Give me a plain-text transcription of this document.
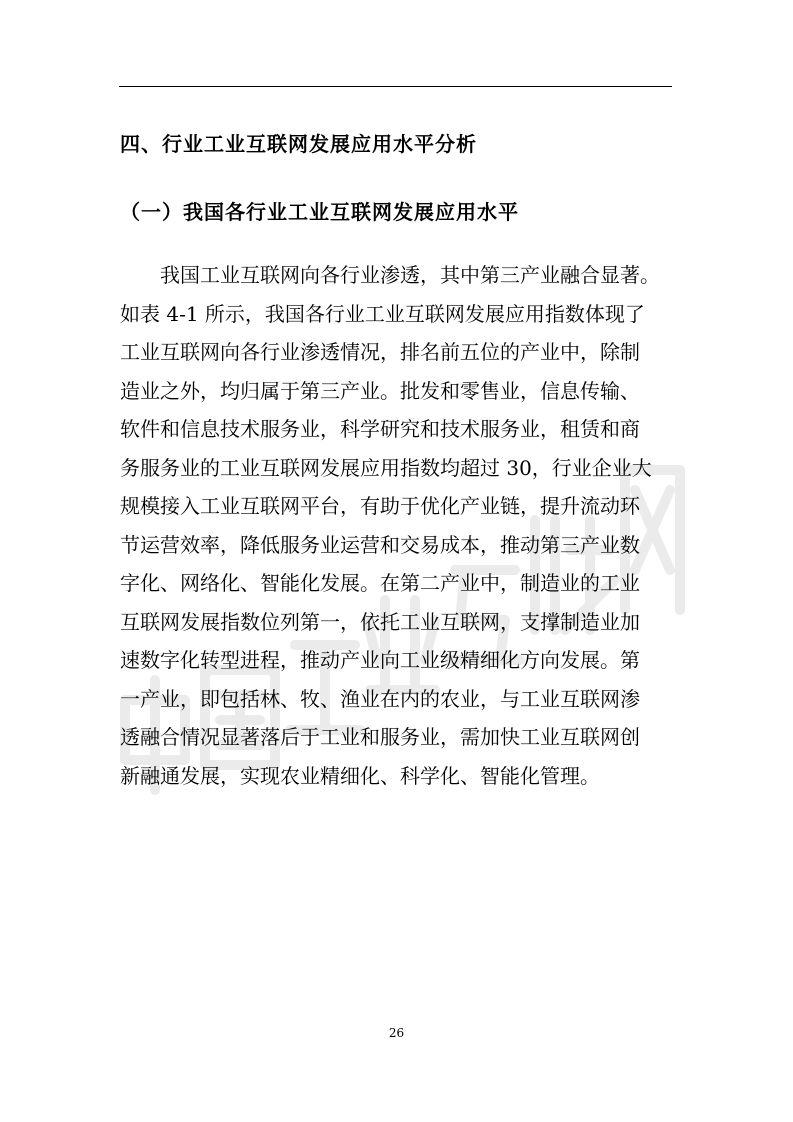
四、行业工业互联网发展应用水平分析
（一）我国各行业工业互联网发展应用水平
我国工业互联网向各行业渗透，其中第三产业融合显著。
如表 4-1 所示，我国各行业工业互联网发展应用指数体现了
工业互联网向各行业渗透情况，排名前五位的产业中，除制
造业之外，均归属于第三产业。批发和零售业，信息传输、
软件和信息技术服务业，科学研究和技术服务业，租赁和商
务服务业的工业互联网发展应用指数均超过 30，行业企业大
规模接入工业互联网平台，有助于优化产业链，提升流动环
节运营效率，降低服务业运营和交易成本，推动第三产业数
字化、网络化、智能化发展。在第二产业中，制造业的工业
互联网发展指数位列第一，依托工业互联网，支撑制造业加
速数字化转型进程，推动产业向工业级精细化方向发展。第
一产业，即包括林、牧、渔业在内的农业，与工业互联网渗
透融合情况显著落后于工业和服务业，需加快工业互联网创
新融通发展，实现农业精细化、科学化、智能化管理。
26
